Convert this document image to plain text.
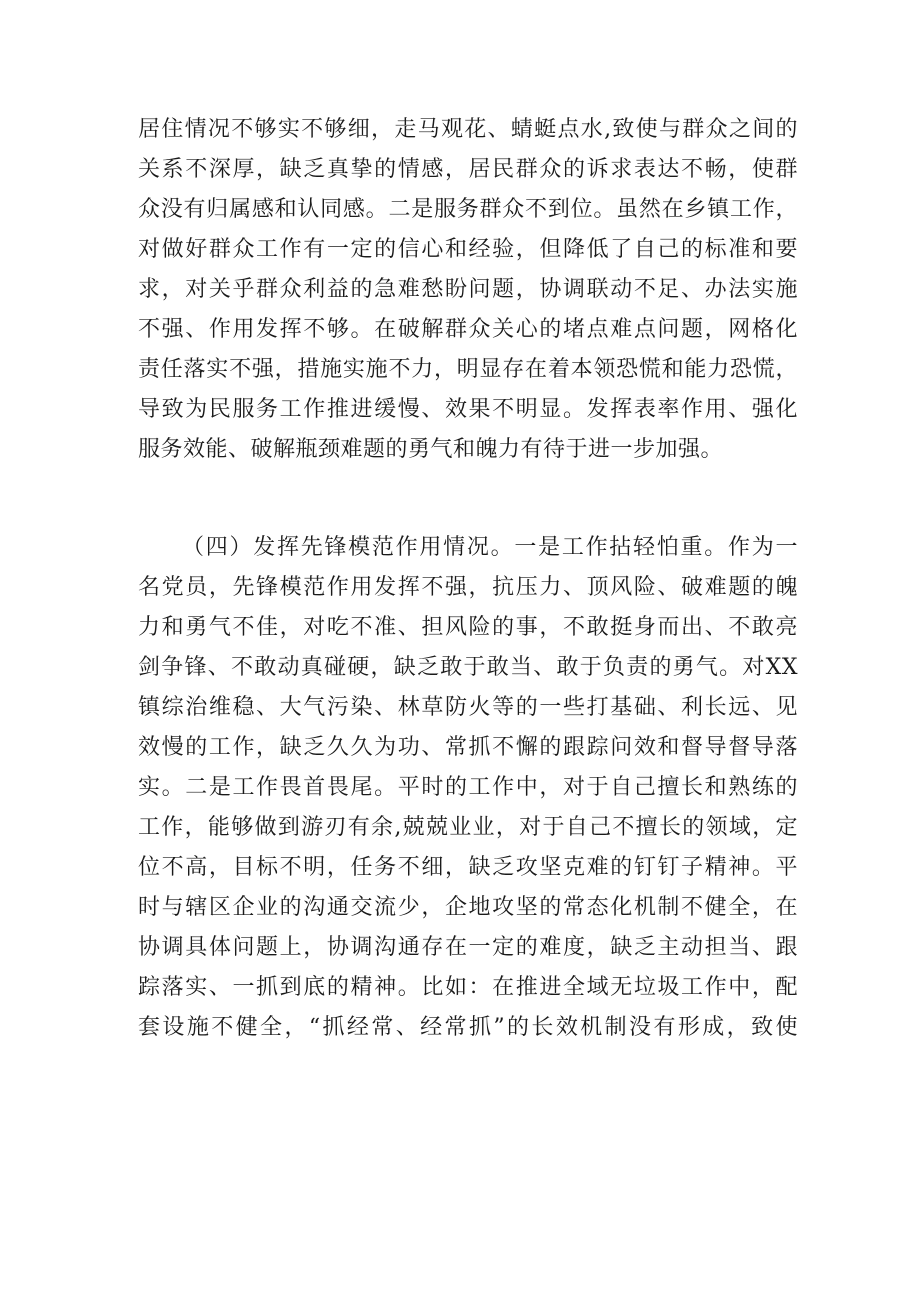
居住情况不够实不够细，走马观花、蜻蜓点水,致使与群众之间的
关系不深厚，缺乏真挚的情感，居民群众的诉求表达不畅，使群
众没有归属感和认同感。二是服务群众不到位。虽然在乡镇工作，
对做好群众工作有一定的信心和经验，但降低了自己的标准和要
求，对关乎群众利益的急难愁盼问题，协调联动不足、办法实施
不强、作用发挥不够。在破解群众关心的堵点难点问题，网格化
责任落实不强，措施实施不力，明显存在着本领恐慌和能力恐慌，
导致为民服务工作推进缓慢、效果不明显。发挥表率作用、强化
服务效能、破解瓶颈难题的勇气和魄力有待于进一步加强。
（四）发挥先锋模范作用情况。一是工作拈轻怕重。作为一
名党员，先锋模范作用发挥不强，抗压力、顶风险、破难题的魄
力和勇气不佳，对吃不准、担风险的事，不敢挺身而出、不敢亮
剑争锋、不敢动真碰硬，缺乏敢于敢当、敢于负责的勇气。对XX
镇综治维稳、大气污染、林草防火等的一些打基础、利长远、见
效慢的工作，缺乏久久为功、常抓不懈的跟踪问效和督导督导落
实。二是工作畏首畏尾。平时的工作中，对于自己擅长和熟练的
工作，能够做到游刃有余,兢兢业业，对于自己不擅长的领域，定
位不高，目标不明，任务不细，缺乏攻坚克难的钉钉子精神。平
时与辖区企业的沟通交流少，企地攻坚的常态化机制不健全，在
协调具体问题上，协调沟通存在一定的难度，缺乏主动担当、跟
踪落实、一抓到底的精神。比如：在推进全域无垃圾工作中，配
套设施不健全，“抓经常、经常抓”的长效机制没有形成，致使
